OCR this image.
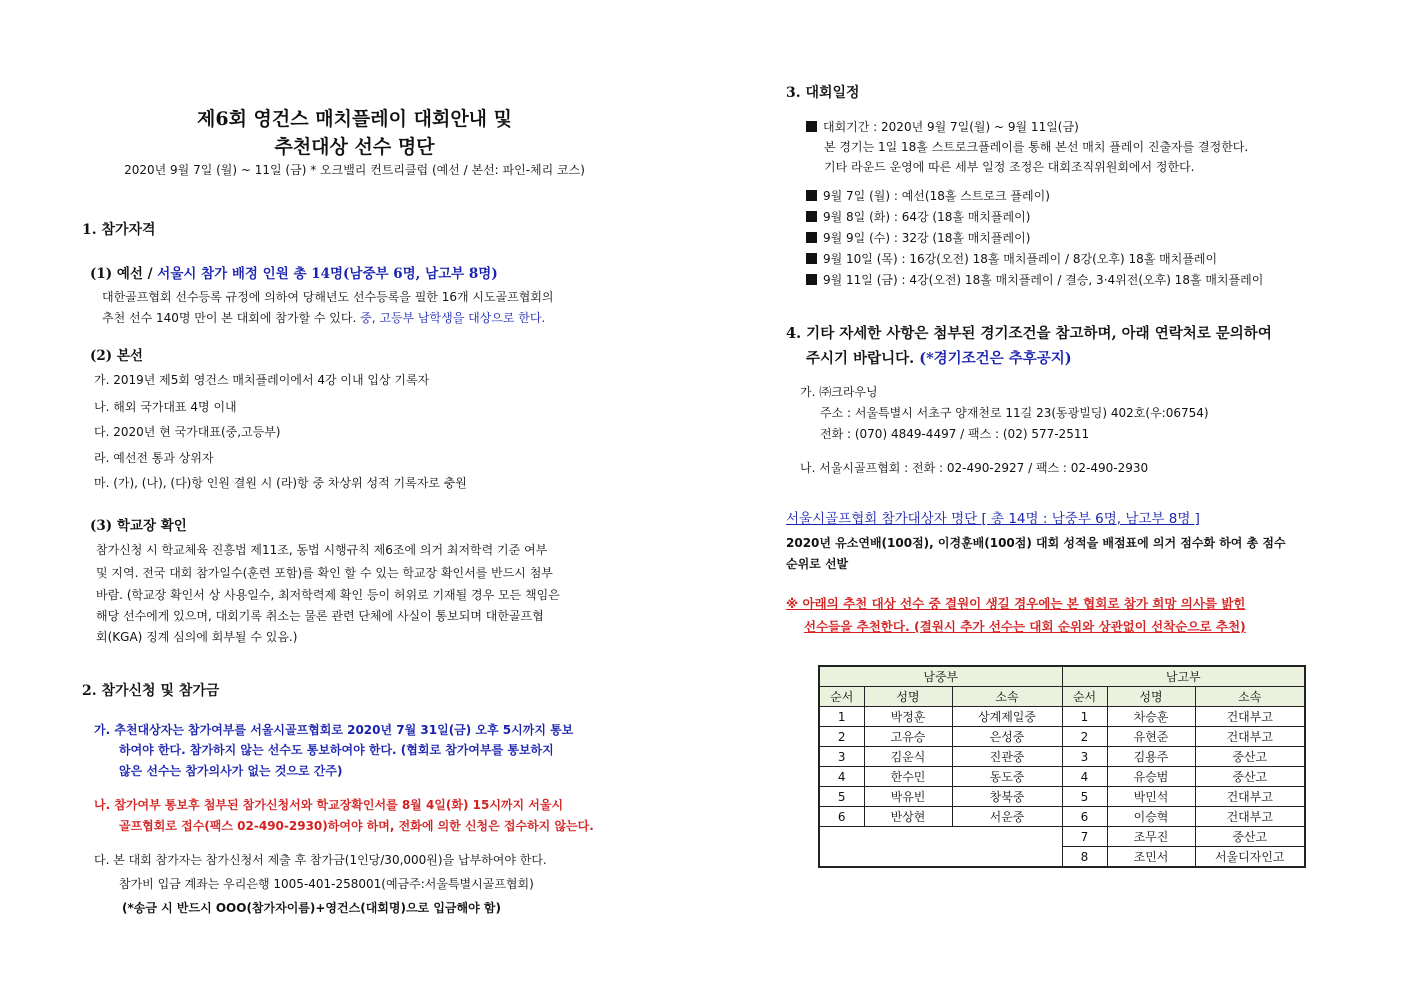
제6회 영건스 매치플레이 대회안내 및
추천대상 선수 명단
2020년 9월 7일 (월) ~ 11일 (금) * 오크밸리 컨트리클럽 (예선 / 본선: 파인-체리 코스)
1. 참가자격
(1) 예선 / 서울시 참가 배정 인원 총 14명(남중부 6명, 남고부 8명)
대한골프협회 선수등록 규정에 의하여 당해년도 선수등록을 필한 16개 시도골프협회의
추천 선수 140명 만이 본 대회에 참가할 수 있다. 중, 고등부 남학생을 대상으로 한다.
(2) 본선
가. 2019년 제5회 영건스 매치플레이에서 4강 이내 입상 기록자
나. 해외 국가대표 4명 이내
다. 2020년 현 국가대표(중,고등부)
라. 예선전 통과 상위자
마. (가), (나), (다)항 인원 결원 시 (라)항 중 차상위 성적 기록자로 충원
(3) 학교장 확인
참가신청 시 학교체육 진흥법 제11조, 동법 시행규칙 제6조에 의거 최저학력 기준 여부
및 지역. 전국 대회 참가일수(훈련 포함)를 확인 할 수 있는 학교장 확인서를 반드시 첨부
바람. (학교장 확인서 상 사용일수, 최저학력제 확인 등이 허위로 기재될 경우 모든 책임은
해당 선수에게 있으며, 대회기록 취소는 물론 관련 단체에 사실이 통보되며 대한골프협
회(KGA) 징계 심의에 회부될 수 있음.)
2. 참가신청 및 참가금
가. 추천대상자는 참가여부를 서울시골프협회로 2020년 7월 31일(금) 오후 5시까지 통보
하여야 한다. 참가하지 않는 선수도 통보하여야 한다. (협회로 참가여부를 통보하지
않은 선수는 참가의사가 없는 것으로 간주)
나. 참가여부 통보후 첨부된 참가신청서와 학교장확인서를 8월 4일(화) 15시까지 서울시
골프협회로 접수(팩스 02-490-2930)하여야 하며, 전화에 의한 신청은 접수하지 않는다.
다. 본 대회 참가자는 참가신청서 제출 후 참가금(1인당/30,000원)을 납부하여야 한다.
참가비 입금 계좌는 우리은행 1005-401-258001(예금주:서울특별시골프협회)
(*송금 시 반드시 OOO(참가자이름)+영건스(대회명)으로 입금해야 함)
3. 대회일정
대회기간 : 2020년 9월 7일(월) ~ 9월 11일(금)
본 경기는 1일 18홀 스트로크플레이를 통해 본선 매치 플레이 진출자를 결정한다.
기타 라운드 운영에 따른 세부 일정 조정은 대회조직위원회에서 정한다.
9월 7일 (월) : 예선(18홀 스트로크 플레이)
9월 8일 (화) : 64강 (18홀 매치플레이)
9월 9일 (수) : 32강 (18홀 매치플레이)
9월 10일 (목) : 16강(오전) 18홀 매치플레이 / 8강(오후) 18홀 매치플레이
9월 11일 (금) : 4강(오전) 18홀 매치플레이 / 결승, 3·4위전(오후) 18홀 매치플레이
4. 기타 자세한 사항은 첨부된 경기조건을 참고하며, 아래 연락처로 문의하여
주시기 바랍니다. (*경기조건은 추후공지)
가. ㈜크라우닝
주소 : 서울특별시 서초구 양재천로 11길 23(동광빌딩) 402호(우:06754)
전화 : (070) 4849-4497 / 팩스 : (02) 577-2511
나. 서울시골프협회 : 전화 : 02-490-2927 / 팩스 : 02-490-2930
서울시골프협회 참가대상자 명단 [ 총 14명 : 남중부 6명, 남고부 8명 ]
2020년 유소연배(100점), 이경훈배(100점) 대회 성적을 배점표에 의거 점수화 하여 총 점수
순위로 선발
※ 아래의 추천 대상 선수 중 결원이 생길 경우에는 본 협회로 참가 희망 의사를 밝힌
선수들을 추천한다. (결원시 추가 선수는 대회 순위와 상관없이 선착순으로 추천)
남중부			남고부		
순서	성명	소속	순서	성명	소속
1	박정훈	상계제일중	1	차승훈	건대부고
2	고유승	은성중	2	유현준	건대부고
3	김운식	진관중	3	김용주	중산고
4	한수민	동도중	4	유승범	중산고
5	박유빈	창북중	5	박민석	건대부고
6	반상현	서운중	6	이승혁	건대부고
			7	조무진	중산고
			8	조민서	서울디자인고
